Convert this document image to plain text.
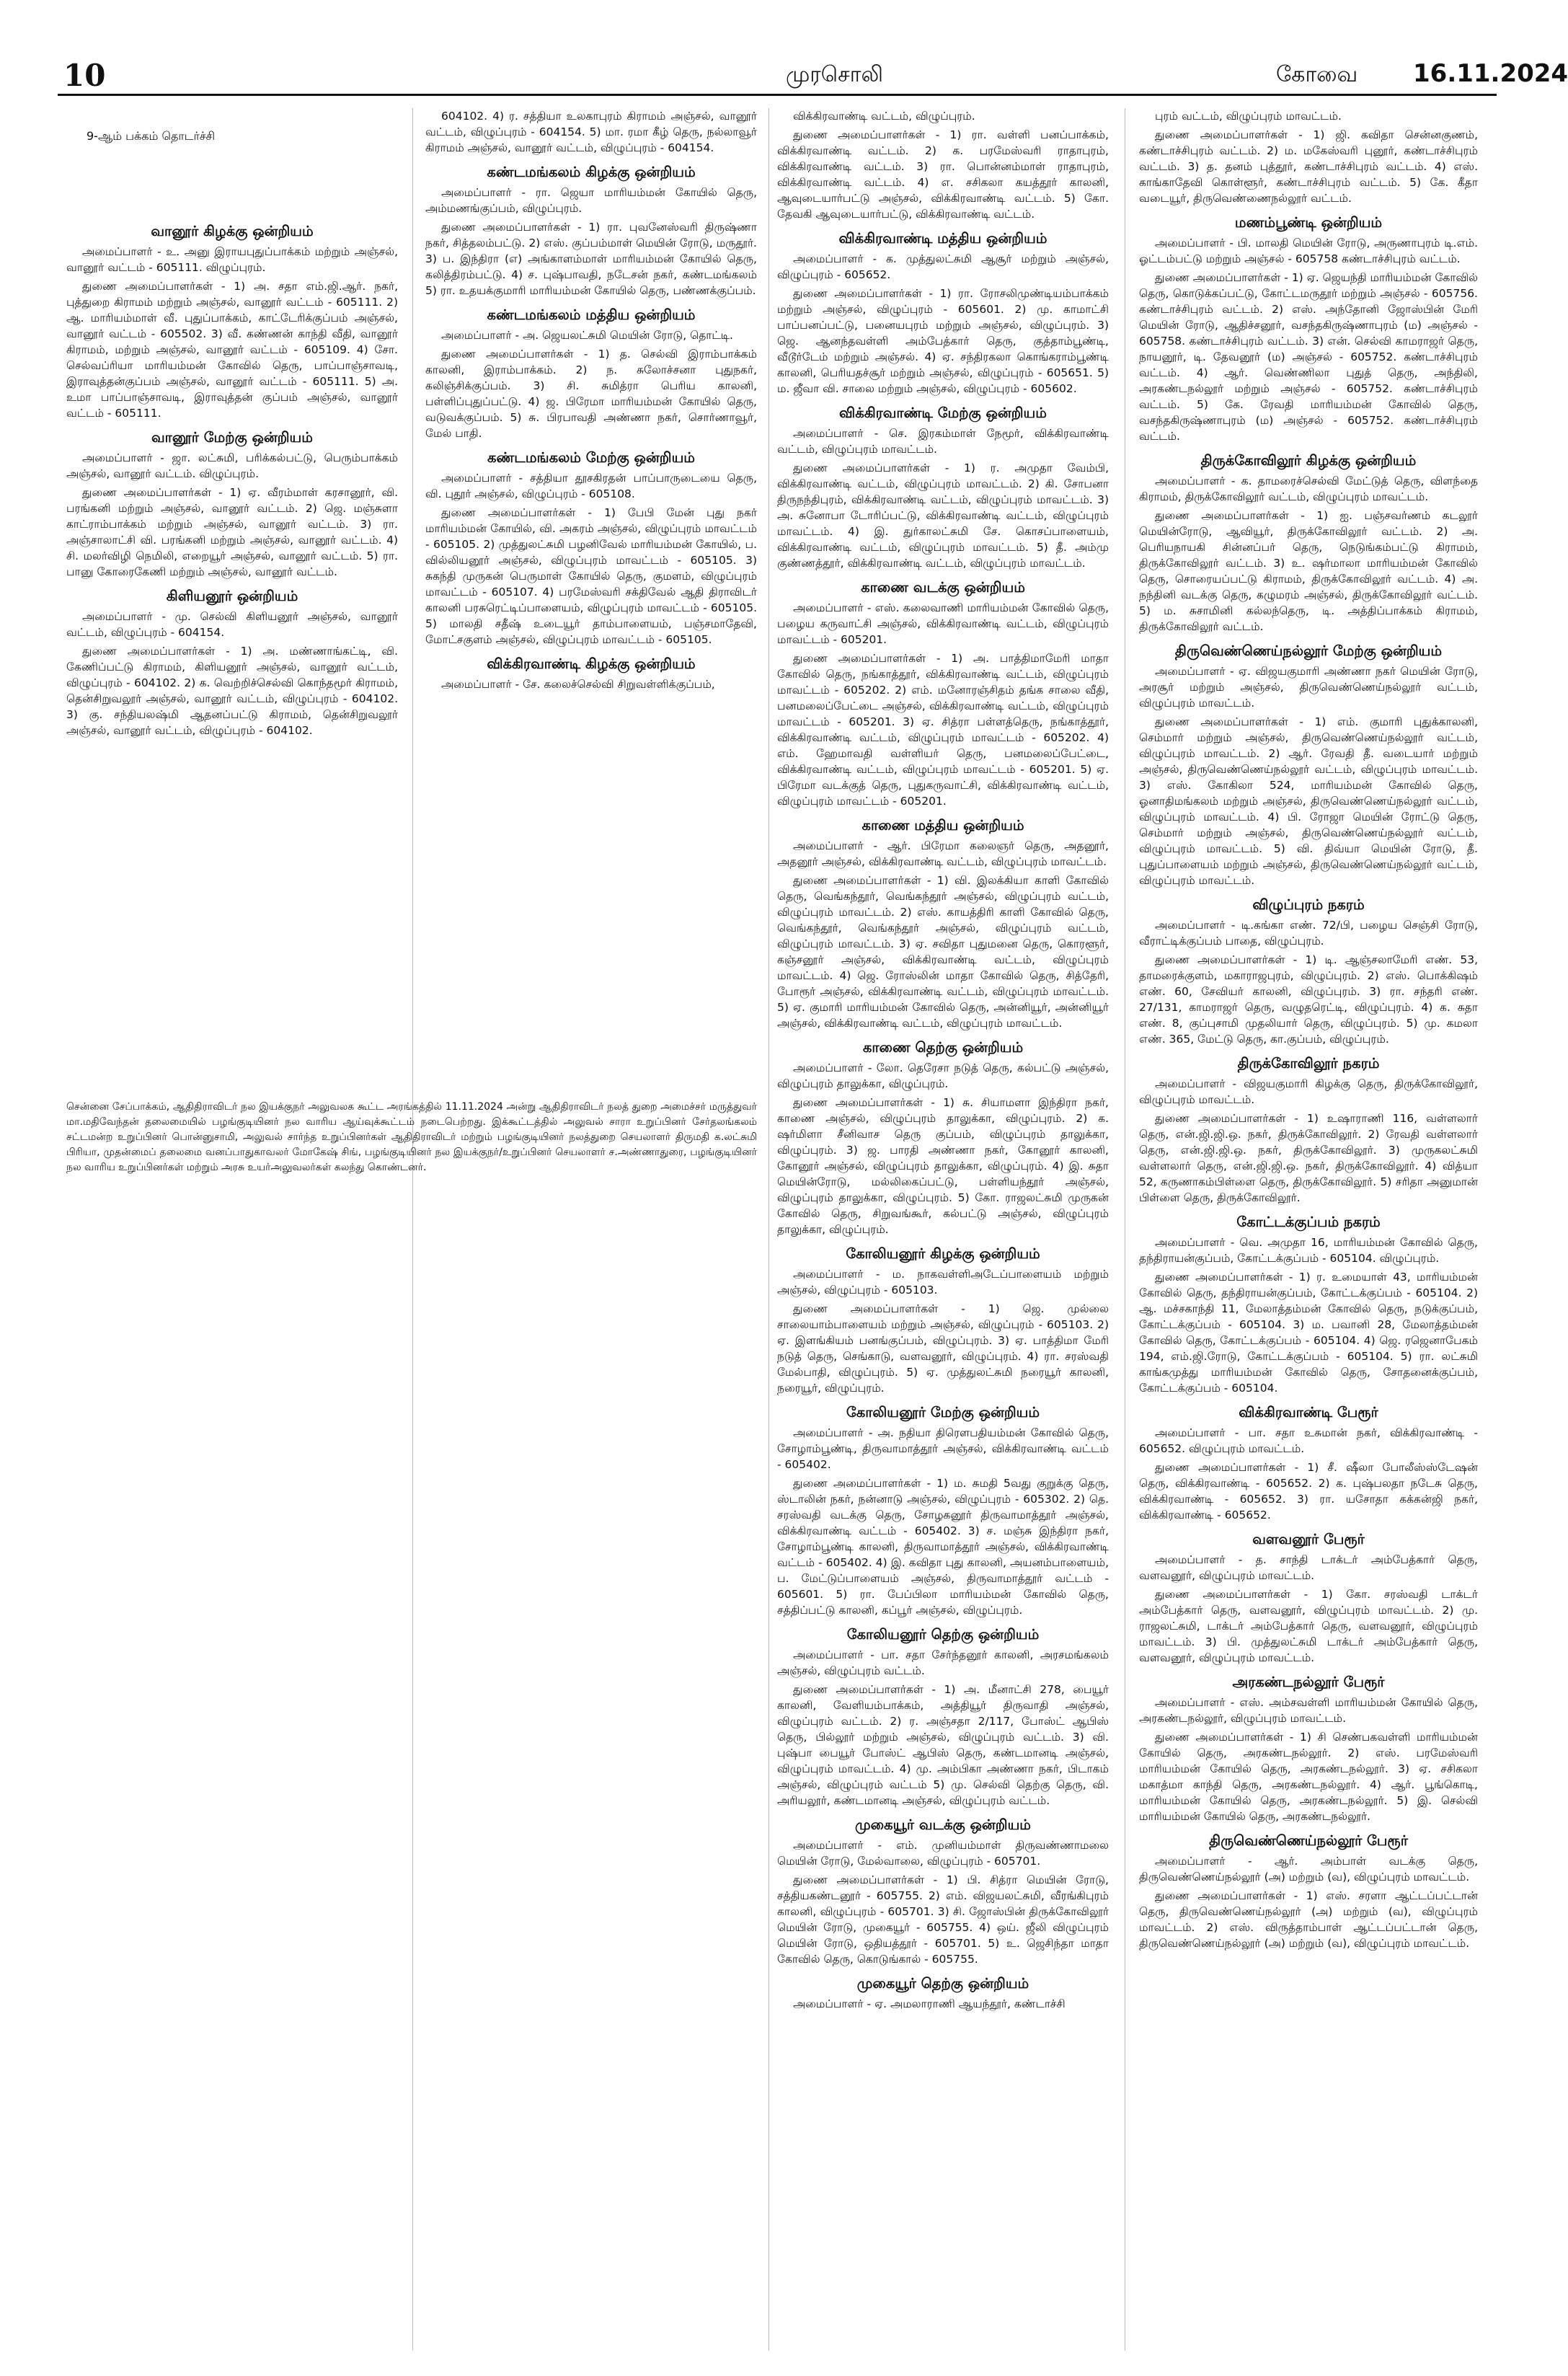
10	முரசொலி	கோவை 16.11.2024
9-ஆம் பக்கம் தொடர்ச்சி
வானூர் கிழக்கு ஒன்றியம்

அமைப்பாளர் - உ. அனு இராயபுதுப்பாக்கம் மற்றும் அஞ்சல், வானூர் வட்டம் - 605111. விழுப்புரம்.

துணை அமைப்பாளர்கள் - 1) அ. சதா எம்.ஜி.ஆர். நகர், புத்துறை கிராமம் மற்றும் அஞ்சல், வானூர் வட்டம் - 605111. 2) ஆ. மாரியம்மாள் வீ. புதுப்பாக்கம், காட்டேரிக்குப்பம் அஞ்சல், வானூர் வட்டம் - 605502. 3) வீ. கண்ணன் காந்தி வீதி, வானூர் கிராமம், மற்றும் அஞ்சல், வானூர் வட்டம் - 605109. 4) சோ. செல்வப்ரியா மாரியம்மன் கோவில் தெரு, பாப்பாஞ்சாவடி, இராவுத்தன்குப்பம் அஞ்சல், வானூர் வட்டம் - 605111. 5) அ. உமா பாப்பாஞ்சாவடி, இராவுத்தன் குப்பம் அஞ்சல், வானூர் வட்டம் - 605111.

வானூர் மேற்கு ஒன்றியம்

அமைப்பாளர் - ஜா. லட்சுமி, பரிக்கல்பட்டு, பெரும்பாக்கம் அஞ்சல், வானூர் வட்டம். விழுப்புரம்.

துணை அமைப்பாளர்கள் - 1) ஏ. வீரம்மாள் கரசானூர், வி. பரங்கனி மற்றும் அஞ்சல், வானூர் வட்டம். 2) ஜெ. மஞ்சுளா காட்ராம்பாக்கம் மற்றும் அஞ்சல், வானூர் வட்டம். 3) ரா. அஞ்சாலாட்சி வி. பரங்கனி மற்றும் அஞ்சல், வானூர் வட்டம். 4) சி. மலர்விழி நெமிலி, எறையூர் அஞ்சல், வானூர் வட்டம். 5) ரா. பானு கோரைகேணி மற்றும் அஞ்சல், வானூர் வட்டம்.

கிளியனூர் ஒன்றியம்

அமைப்பாளர் - மு. செல்வி கிளியனூர் அஞ்சல், வானூர் வட்டம், விழுப்புரம் - 604154.

துணை அமைப்பாளர்கள் - 1) அ. மண்ணாங்கட்டி, வி. கேணிப்பட்டு கிராமம், கிளியனூர் அஞ்சல், வானூர் வட்டம், விழுப்புரம் - 604102. 2) க. வெற்றிச்செல்வி கொந்தமூர் கிராமம், தென்சிறுவலூர் அஞ்சல், வானூர் வட்டம், விழுப்புரம் - 604102. 3) கு. சந்தியலஷ்மி ஆதனப்பட்டு கிராமம், தென்சிறுவலூர் அஞ்சல், வானூர் வட்டம், விழுப்புரம் - 604102.

604102. 4) ர. சத்தியா உலகாபுரம் கிராமம் அஞ்சல், வானூர் வட்டம், விழுப்புரம் - 604154. 5) மா. ரமா கீழ் தெரு, நல்லாவூர் கிராமம் அஞ்சல், வானூர் வட்டம், விழுப்புரம் - 604154.

கண்டமங்கலம் கிழக்கு ஒன்றியம்

அமைப்பாளர் - ரா. ஜெயா மாரியம்மன் கோயில் தெரு, அம்மணங்குப்பம், விழுப்புரம்.

துணை அமைப்பாளர்கள் - 1) ரா. புவனேஸ்வரி திருஷ்ணா நகர், சித்தலம்பட்டு. 2) எஸ். குப்பம்மாள் மெயின் ரோடு, மருதூர். 3) ப. இந்திரா (எ) அங்காளம்மாள் மாரியம்மன் கோயில் தெரு, கலித்திரம்பட்டு. 4) ச. புஷ்பாவதி, நடேசன் நகர், கண்டமங்கலம் 5) ரா. உதயக்குமாரி மாரியம்மன் கோயில் தெரு, பண்ணக்குப்பம்.

கண்டமங்கலம் மத்திய ஒன்றியம்

அமைப்பாளர் - அ. ஜெயலட்சுமி மெயின் ரோடு, தொட்டி.

துணை அமைப்பாளர்கள் - 1) த. செல்வி இராம்பாக்கம் காலனி, இராம்பாக்கம். 2) ந. சுலோச்சனா புதுநகர், கலிஞ்சிக்குப்பம். 3) சி. சுமித்ரா பெரிய காலனி, பள்ளிப்புதுப்பட்டு. 4) ஜ. பிரேமா மாரியம்மன் கோயில் தெரு, வடுவக்குப்பம். 5) சு. பிரபாவதி அண்ணா நகர், சொர்ணாவூர், மேல் பாதி.

கண்டமங்கலம் மேற்கு ஒன்றியம்

அமைப்பாளர் - சத்தியா தூசகிரதன் பாப்பாருடையை தெரு, வி. புதூர் அஞ்சல், விழுப்புரம் - 605108.

துணை அமைப்பாளர்கள் - 1) பேபி மேன் புது நகர் மாரியம்மன் கோயில், வி. அகரம் அஞ்சல், விழுப்புரம் மாவட்டம் - 605105. 2) முத்துலட்சுமி பழனிவேல் மாரியம்மன் கோயில், ப. வில்லியனூர் அஞ்சல், விழுப்புரம் மாவட்டம் - 605105. 3) சுகந்தி முருகன் பெருமாள் கோயில் தெரு, குமளம், விழுப்புரம் மாவட்டம் - 605107. 4) பரமேஸ்வரி சக்திவேல் ஆதி திராவிடர் காலனி பரசுரெட்டிப்பாளையம், விழுப்புரம் மாவட்டம் - 605105. 5) மாலதி சதீஷ் உடையூர் தாம்பாளையம், பஞ்சமாதேவி, மோட்சகுளம் அஞ்சல், விழுப்புரம் மாவட்டம் - 605105.

விக்கிரவாண்டி கிழக்கு ஒன்றியம்

அமைப்பாளர் - சே. கலைச்செல்வி சிறுவள்ளிக்குப்பம்,

விக்கிரவாண்டி வட்டம், விழுப்புரம்.

துணை அமைப்பாளர்கள் - 1) ரா. வள்ளி பனப்பாக்கம், விக்கிரவாண்டி வட்டம். 2) க. பரமேஸ்வரி ராதாபுரம், விக்கிரவாண்டி வட்டம். 3) ரா. பொன்னம்மாள் ராதாபுரம், விக்கிரவாண்டி வட்டம். 4) எ. சசிகலா கயத்தூர் காலனி, ஆவுடையார்பட்டு அஞ்சல், விக்கிரவாண்டி வட்டம். 5) கோ. தேவகி ஆவுடையார்பட்டு, விக்கிரவாண்டி வட்டம்.

விக்கிரவாண்டி மத்திய ஒன்றியம்

அமைப்பாளர் - க. முத்துலட்சுமி ஆசூர் மற்றும் அஞ்சல், விழுப்புரம் - 605652.

துணை அமைப்பாளர்கள் - 1) ரா. ரோசலிமுண்டியம்பாக்கம் மற்றும் அஞ்சல், விழுப்புரம் - 605601. 2) மு. காமாட்சி பாப்பனப்பட்டு, பனையபுரம் மற்றும் அஞ்சல், விழுப்புரம். 3) ஜெ. ஆனந்தவள்ளி அம்பேத்கார் தெரு, குத்தாம்பூண்டி, வீடூர்டேம் மற்றும் அஞ்சல். 4) ஏ. சந்திரகலா கொங்கராம்பூண்டி காலனி, பெரியதச்சூர் மற்றும் அஞ்சல், விழுப்புரம் - 605651. 5) ம. ஜீவா வி. சாலை மற்றும் அஞ்சல், விழுப்புரம் - 605602.

விக்கிரவாண்டி மேற்கு ஒன்றியம்

அமைப்பாளர் - செ. இரகம்மாள் நேமூர், விக்கிரவாண்டி வட்டம், விழுப்புரம் மாவட்டம்.

துணை அமைப்பாளர்கள் - 1) ர. அமுதா வேம்பி, விக்கிரவாண்டி வட்டம், விழுப்புரம் மாவட்டம். 2) கி. சோபனா திருநந்திபுரம், விக்கிரவாண்டி வட்டம், விழுப்புரம் மாவட்டம். 3) அ. சுனோபா டோரிப்பட்டு, விக்கிரவாண்டி வட்டம், விழுப்புரம் மாவட்டம். 4) இ. துர்காலட்சுமி சே. கொசப்பாளையம், விக்கிரவாண்டி வட்டம், விழுப்புரம் மாவட்டம். 5) தீ. அம்மு குண்ணத்தூர், விக்கிரவாண்டி வட்டம், விழுப்புரம் மாவட்டம்.

காணை வடக்கு ஒன்றியம்

அமைப்பாளர் - எஸ். கலைவாணி மாரியம்மன் கோவில் தெரு, பழைய கருவாட்சி அஞ்சல், விக்கிரவாண்டி வட்டம், விழுப்புரம் மாவட்டம் - 605201.

துணை அமைப்பாளர்கள் - 1) அ. பாத்திமாமேரி மாதா கோவில் தெரு, நங்காத்தூர், விக்கிரவாண்டி வட்டம், விழுப்புரம் மாவட்டம் - 605202. 2) எம். மனோரஞ்சிதம் தங்க சாலை வீதி, பனமலைப்பேட்டை அஞ்சல், விக்கிரவாண்டி வட்டம், விழுப்புரம் மாவட்டம் - 605201. 3) ஏ. சித்ரா பள்ளத்தெரு, நங்காத்தூர், விக்கிரவாண்டி வட்டம், விழுப்புரம் மாவட்டம் - 605202. 4) எம். ஹேமாவதி வள்ளியர் தெரு, பனமலைப்பேட்டை, விக்கிரவாண்டி வட்டம், விழுப்புரம் மாவட்டம் - 605201. 5) ஏ. பிரேமா வடக்குத் தெரு, புதுகருவாட்சி, விக்கிரவாண்டி வட்டம், விழுப்புரம் மாவட்டம் - 605201.

காணை மத்திய ஒன்றியம்

அமைப்பாளர் - ஆர். பிரேமா கலைஞர் தெரு, அதனூர், அதனூர் அஞ்சல், விக்கிரவாண்டி வட்டம், விழுப்புரம் மாவட்டம்.

துணை அமைப்பாளர்கள் - 1) வி. இலக்கியா காளி கோவில் தெரு, வெங்கந்தூர், வெங்கந்தூர் அஞ்சல், விழுப்புரம் வட்டம், விழுப்புரம் மாவட்டம். 2) எஸ். காயத்திரி காளி கோவில் தெரு, வெங்கந்தூர், வெங்கந்தூர் அஞ்சல், விழுப்புரம் வட்டம், விழுப்புரம் மாவட்டம். 3) ஏ. சவிதா புதுமனை தெரு, கொரளூர், கஞ்சனூர் அஞ்சல், விக்கிரவாண்டி வட்டம், விழுப்புரம் மாவட்டம். 4) ஜெ. ரோஸ்லின் மாதா கோவில் தெரு, சித்தேரி, போரூர் அஞ்சல், விக்கிரவாண்டி வட்டம், விழுப்புரம் மாவட்டம். 5) ஏ. குமாரி மாரியம்மன் கோவில் தெரு, அன்னியூர், அன்னியூர் அஞ்சல், விக்கிரவாண்டி வட்டம், விழுப்புரம் மாவட்டம்.

காணை தெற்கு ஒன்றியம்

அமைப்பாளர் - லோ. தெரேசா நடுத் தெரு, கல்பட்டு அஞ்சல், விழுப்புரம் தாலுக்கா, விழுப்புரம்.

துணை அமைப்பாளர்கள் - 1) சு. சியாமளா இந்திரா நகர், காணை அஞ்சல், விழுப்புரம் தாலுக்கா, விழுப்புரம். 2) க. ஷர்மிளா சீனிவாச தெரு குப்பம், விழுப்புரம் தாலுக்கா, விழுப்புரம். 3) ஜ. பாரதி அண்ணா நகர், கோனூர் காலனி, கோனூர் அஞ்சல், விழுப்புரம் தாலுக்கா, விழுப்புரம். 4) இ. சுதா மெயின்ரோடு, மல்லிகைப்பட்டு, பள்ளியந்தூர் அஞ்சல், விழுப்புரம் தாலுக்கா, விழுப்புரம். 5) கோ. ராஜலட்சுமி முருகன் கோவில் தெரு, சிறுவங்கூர், கல்பட்டு அஞ்சல், விழுப்புரம் தாலுக்கா, விழுப்புரம்.

கோலியனூர் கிழக்கு ஒன்றியம்

அமைப்பாளர் - ம. நாகவள்ளிஅடேப்பாளையம் மற்றும் அஞ்சல், விழுப்புரம் - 605103.

துணை அமைப்பாளர்கள் - 1) ஜெ. முல்லை சாலையாம்பாளையம் மற்றும் அஞ்சல், விழுப்புரம் - 605103. 2) ஏ. இளங்கியம் பனங்குப்பம், விழுப்புரம். 3) ஏ. பாத்திமா மேரி நடுத் தெரு, செங்காடு, வளவனூர், விழுப்புரம். 4) ரா. சரஸ்வதி மேல்பாதி, விழுப்புரம். 5) ஏ. முத்துலட்சுமி நரையூர் காலனி, நரையூர், விழுப்புரம்.

கோலியனூர் மேற்கு ஒன்றியம்

அமைப்பாளர் - அ. நதியா திரௌபதியம்மன் கோவில் தெரு, சோழாம்பூண்டி, திருவாமாத்தூர் அஞ்சல், விக்கிரவாண்டி வட்டம் - 605402.

துணை அமைப்பாளர்கள் - 1) ம. சுமதி 5வது குறுக்கு தெரு, ஸ்டாலின் நகர், நன்னாடு அஞ்சல், விழுப்புரம் - 605302. 2) தெ. சரஸ்வதி வடக்கு தெரு, சோழகனூர் திருவாமாத்தூர் அஞ்சல், விக்கிரவாண்டி வட்டம் - 605402. 3) ச. மஞ்சு இந்திரா நகர், சோழாம்பூண்டி காலனி, திருவாமாத்தூர் அஞ்சல், விக்கிரவாண்டி வட்டம் - 605402. 4) இ. கவிதா புது காலனி, அயனம்பாளையம், ப. மேட்டுப்பாளையம் அஞ்சல், திருவாமாத்தூர் வட்டம் - 605601. 5) ரா. பேப்பிலா மாரியம்மன் கோவில் தெரு, சத்திப்பட்டு காலனி, கப்பூர் அஞ்சல், விழுப்புரம்.

கோலியனூர் தெற்கு ஒன்றியம்

அமைப்பாளர் - பா. சதா சேர்ந்தனூர் காலனி, அரசமங்கலம் அஞ்சல், விழுப்புரம் வட்டம்.

துணை அமைப்பாளர்கள் - 1) அ. மீனாட்சி 278, பையூர் காலனி, வேளியம்பாக்கம், அத்தியூர் திருவாதி அஞ்சல், விழுப்புரம் வட்டம். 2) ர. அஞ்சதா 2/117, போஸ்ட் ஆபிஸ் தெரு, பில்லூர் மற்றும் அஞ்சல், விழுப்புரம் வட்டம். 3) வி. புஷ்பா பையூர் போஸ்ட் ஆபிஸ் தெரு, கண்டமானடி அஞ்சல், விழுப்புரம் மாவட்டம். 4) மு. அம்பிகா அண்ணா நகர், பிடாகம் அஞ்சல், விழுப்புரம் வட்டம் 5) மு. செல்வி தெற்கு தெரு, வி. அரியலூர், கண்டமானடி அஞ்சல், விழுப்புரம் வட்டம்.

முகையூர் வடக்கு ஒன்றியம்

அமைப்பாளர் - எம். முனியம்மாள் திருவண்ணாமலை மெயின் ரோடு, மேல்வாலை, விழுப்புரம் - 605701.

துணை அமைப்பாளர்கள் - 1) பி. சித்ரா மெயின் ரோடு, சத்தியகண்டனூர் - 605755. 2) எம். விஜயலட்சுமி, வீரங்கிபுரம் காலனி, விழுப்புரம் - 605701. 3) சி. ஜோஸ்பின் திருக்கோவிலூர் மெயின் ரோடு, முகையூர் - 605755. 4) ஒய். ஜீலி விழுப்புரம் மெயின் ரோடு, ஒதியத்தூர் - 605701. 5) உ. ஜெசிந்தா மாதா கோவில் தெரு, கொடுங்கால் - 605755.

முகையூர் தெற்கு ஒன்றியம்

அமைப்பாளர் - ஏ. அமலாராணி ஆயந்தூர், கண்டாச்சி

புரம் வட்டம், விழுப்புரம் மாவட்டம்.

துணை அமைப்பாளர்கள் - 1) ஜி. கவிதா சென்னகுணம், கண்டாச்சிபுரம் வட்டம். 2) ம. மகேஸ்வரி புனூர், கண்டாச்சிபுரம் வட்டம். 3) த. தனம் புத்தூர், கண்டாச்சிபுரம் வட்டம். 4) எஸ். காங்காதேவி கொள்ளூர், கண்டாச்சிபுரம் வட்டம். 5) கே. கீதா வடையூர், திருவெண்ணைநல்லூர் வட்டம்.

மணம்பூண்டி ஒன்றியம்

அமைப்பாளர் - பி. மாலதி மெயின் ரோடு, அருணாபுரம் டி.எம். ஓட்டம்பட்டு மற்றும் அஞ்சல் - 605758 கண்டாச்சிபுரம் வட்டம்.

துணை அமைப்பாளர்கள் - 1) ஏ. ஜெயந்தி மாரியம்மன் கோவில் தெரு, கொடுக்கப்பட்டு, கோட்டமருதூர் மற்றும் அஞ்சல் - 605756. கண்டாச்சிபுரம் வட்டம். 2) எஸ். அந்தோனி ஜோஸ்பின் மேரி மெயின் ரோடு, ஆதிச்சனூர், வசந்தகிருஷ்ணாபுரம் (ம) அஞ்சல் - 605758. கண்டாச்சிபுரம் வட்டம். 3) என். செல்வி காமராஜர் தெரு, நாயனூர், டி. தேவனூர் (ம) அஞ்சல் - 605752. கண்டாச்சிபுரம் வட்டம். 4) ஆர். வெண்ணிலா புதுத் தெரு, அந்திலி, அரகண்டநல்லூர் மற்றும் அஞ்சல் - 605752. கண்டாச்சிபுரம் வட்டம். 5) கே. ரேவதி மாரியம்மன் கோவில் தெரு, வசந்தகிருஷ்ணாபுரம் (ம) அஞ்சல் - 605752. கண்டாச்சிபுரம் வட்டம்.

திருக்கோவிலூர் கிழக்கு ஒன்றியம்

அமைப்பாளர் - க. தாமரைச்செல்வி மேட்டுத் தெரு, விளந்தை கிராமம், திருக்கோவிலூர் வட்டம், விழுப்புரம் மாவட்டம்.

துணை அமைப்பாளர்கள் - 1) ஐ. பஞ்சவர்ணம் கடலூர் மெயின்ரோடு, ஆவியூர், திருக்கோவிலூர் வட்டம். 2) அ. பெரியநாயகி சின்னப்பர் தெரு, நெடுங்கம்பட்டு கிராமம், திருக்கோவிலூர் வட்டம். 3) உ. ஷர்மாலா மாரியம்மன் கோவில் தெரு, சொரையப்பட்டு கிராமம், திருக்கோவிலூர் வட்டம். 4) அ. நந்தினி வடக்கு தெரு, கழுமரம் அஞ்சல், திருக்கோவிலூர் வட்டம். 5) ம. சுசாமினி கல்லந்தெரு, டி. அத்திப்பாக்கம் கிராமம், திருக்கோவிலூர் வட்டம்.

திருவெண்ணெய்நல்லூர் மேற்கு ஒன்றியம்

அமைப்பாளர் - ஏ. விஜயகுமாரி அண்ணா நகர் மெயின் ரோடு, அரசூர் மற்றும் அஞ்சல், திருவெண்ணெய்நல்லூர் வட்டம், விழுப்புரம் மாவட்டம்.

துணை அமைப்பாளர்கள் - 1) எம். குமாரி புதுக்காலனி, செம்மார் மற்றும் அஞ்சல், திருவெண்ணெய்நல்லூர் வட்டம், விழுப்புரம் மாவட்டம். 2) ஆர். ரேவதி தீ. வடையார் மற்றும் அஞ்சல், திருவெண்ணெய்நல்லூர் வட்டம், விழுப்புரம் மாவட்டம். 3) எஸ். கோகிலா 524, மாரியம்மன் கோவில் தெரு, ஓனாதிமங்கலம் மற்றும் அஞ்சல், திருவெண்ணெய்நல்லூர் வட்டம், விழுப்புரம் மாவட்டம். 4) பி. ரோஜா மெயின் ரோட்டு தெரு, செம்மார் மற்றும் அஞ்சல், திருவெண்ணெய்நல்லூர் வட்டம், விழுப்புரம் மாவட்டம். 5) வி. திவ்யா மெயின் ரோடு, தீ. புதுப்பாளையம் மற்றும் அஞ்சல், திருவெண்ணெய்நல்லூர் வட்டம், விழுப்புரம் மாவட்டம்.

விழுப்புரம் நகரம்

அமைப்பாளர் - டி.கங்கா எண். 72/பி, பழைய செஞ்சி ரோடு, வீராட்டிக்குப்பம் பாதை, விழுப்புரம்.

துணை அமைப்பாளர்கள் - 1) டி. ஆஞ்சலாமேரி எண். 53, தாமரைக்குளம், மகாராஜபுரம், விழுப்புரம். 2) எஸ். பொக்கிஷம் எண். 60, சேவியர் காலனி, விழுப்புரம். 3) ரா. சந்தரி எண். 27/131, காமராஜர் தெரு, வழுதரெட்டி, விழுப்புரம். 4) க. சுதா எண். 8, குப்புசாமி முதலியார் தெரு, விழுப்புரம். 5) மு. கமலா எண். 365, மேட்டு தெரு, கா.குப்பம், விழுப்புரம்.

திருக்கோவிலூர் நகரம்

அமைப்பாளர் - விஜயகுமாரி கிழக்கு தெரு, திருக்கோவிலூர், விழுப்புரம் மாவட்டம்.

துணை அமைப்பாளர்கள் - 1) உஷாராணி 116, வள்ளலார் தெரு, என்.ஜி.ஜி.ஒ. நகர், திருக்கோவிலூர். 2) ரேவதி வள்ளலார் தெரு, என்.ஜி.ஜி.ஒ. நகர், திருக்கோவிலூர். 3) முருகலட்சுமி வள்ளலார் தெரு, என்.ஜி.ஜி.ஒ. நகர், திருக்கோவிலூர். 4) வித்யா 52, கருணாகம்பிள்ளை தெரு, திருக்கோவிலூர். 5) சரிதா அனுமான் பிள்ளை தெரு, திருக்கோவிலூர்.

கோட்டக்குப்பம் நகரம்

அமைப்பாளர் - வெ. அமுதா 16, மாரியம்மன் கோவில் தெரு, தந்திராயன்குப்பம், கோட்டக்குப்பம் - 605104. விழுப்புரம்.

துணை அமைப்பாளர்கள் - 1) ர. உமையாள் 43, மாரியம்மன் கோவில் தெரு, தந்திராயன்குப்பம், கோட்டக்குப்பம் - 605104. 2) ஆ. மச்சகாந்தி 11, மேலாத்தம்மன் கோவில் தெரு, நடுக்குப்பம், கோட்டக்குப்பம் - 605104. 3) ம. பவானி 28, மேலாத்தம்மன் கோவில் தெரு, கோட்டக்குப்பம் - 605104. 4) ஜெ. ரஜெனாபேகம் 194, எம்.ஜி.ரோடு, கோட்டக்குப்பம் - 605104. 5) ரா. லட்சுமி காங்கமுத்து மாரியம்மன் கோவில் தெரு, சோதனைக்குப்பம், கோட்டக்குப்பம் - 605104.

விக்கிரவாண்டி பேரூர்

அமைப்பாளர் - பா. சதா உசுமான் நகர், விக்கிரவாண்டி - 605652. விழுப்புரம் மாவட்டம்.

துணை அமைப்பாளர்கள் - 1) சீ. ஷீலா போலீஸ்ஸ்டேஷன் தெரு, விக்கிரவாண்டி - 605652. 2) க. புஷ்பலதா நடேசு தெரு, விக்கிரவாண்டி - 605652. 3) ரா. யசோதா கக்கன்ஜி நகர், விக்கிரவாண்டி - 605652.

வளவனூர் பேரூர்

அமைப்பாளர் - த. சாந்தி டாக்டர் அம்பேத்கார் தெரு, வளவனூர், விழுப்புரம் மாவட்டம்.

துணை அமைப்பாளர்கள் - 1) கோ. சரஸ்வதி டாக்டர் அம்பேத்கார் தெரு, வளவனூர், விழுப்புரம் மாவட்டம். 2) மு. ராஜலட்சுமி, டாக்டர் அம்பேத்கார் தெரு, வளவனூர், விழுப்புரம் மாவட்டம். 3) பி. முத்துலட்சுமி டாக்டர் அம்பேத்கார் தெரு, வளவனூர், விழுப்புரம் மாவட்டம்.

அரகண்டநல்லூர் பேரூர்

அமைப்பாளர் - எஸ். அம்சவள்ளி மாரியம்மன் கோயில் தெரு, அரகண்டநல்லூர், விழுப்புரம் மாவட்டம்.

துணை அமைப்பாளர்கள் - 1) சி செண்பகவள்ளி மாரியம்மன் கோயில் தெரு, அரகண்டநல்லூர். 2) எஸ். பரமேஸ்வரி மாரியம்மன் கோயில் தெரு, அரகண்டநல்லூர். 3) ஏ. சசிகலா மகாத்மா காந்தி தெரு, அரகண்டநல்லூர். 4) ஆர். பூங்கொடி, மாரியம்மன் கோயில் தெரு, அரகண்டநல்லூர். 5) இ. செல்வி மாரியம்மன் கோயில் தெரு, அரகண்டநல்லூர்.

திருவெண்ணெய்நல்லூர் பேரூர்

அமைப்பாளர் - ஆர். அம்பாள் வடக்கு தெரு, திருவெண்ணெய்நல்லூர் (அ) மற்றும் (வ), விழுப்புரம் மாவட்டம்.

துணை அமைப்பாளர்கள் - 1) எஸ். சரளா ஆட்டப்பட்டான் தெரு, திருவெண்ணெய்நல்லூர் (அ) மற்றும் (வ), விழுப்புரம் மாவட்டம். 2) எஸ். விருத்தாம்பாள் ஆட்டப்பட்டான் தெரு, திருவெண்ணெய்நல்லூர் (அ) மற்றும் (வ), விழுப்புரம் மாவட்டம்.

சென்னை சேப்பாக்கம், ஆதிதிராவிடர் நல இயக்குநர் அலுவலக கூட்ட அரங்கத்தில் 11.11.2024 அன்று ஆதிதிராவிடர் நலத் துறை அமைச்சர் மருத்துவர் மா.மதிவேந்தன் தலைமையில் பழங்குடியினர் நல வாரிய ஆய்வுக்கூட்டம் நடைபெற்றது. இக்கூட்டத்தில் அலுவல் சாரா உறுப்பினர் சேர்தலங்கலம் சட்டமன்ற உறுப்பினர் பொன்னுசாமி, அலுவல் சார்ந்த உறுப்பினர்கள் ஆதிதிராவிடர் மற்றும் பழங்குடியினர் நலத்துறை செயலாளர் திருமதி க.லட்சுமி பிரியா, முதன்மைப் தலைமை வனப்பாதுகாவலர் மோகேஷ் சிங், பழங்குடியினர் நல இயக்குநர்/உறுப்பினர் செயலாளர் ச.அண்ணாதுரை, பழங்குடியினர் நல வாரிய உறுப்பினர்கள் மற்றும் அரசு உயர்அலுவலர்கள் கலந்து கொண்டனர்.
